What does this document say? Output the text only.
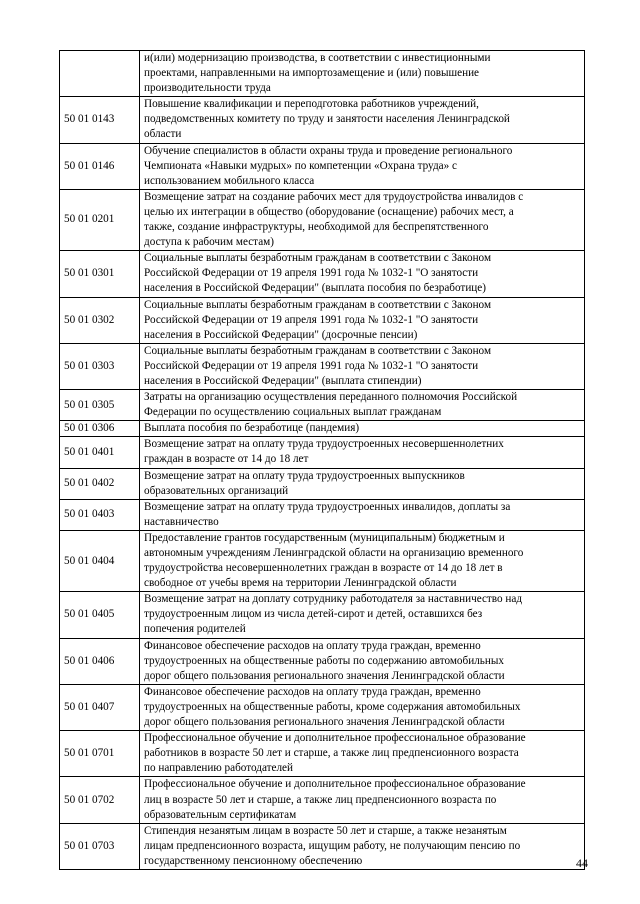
	и(или) модернизацию производства, в соответствии с инвестиционными
проектами, направленными на импортозамещение и (или) повышение
производительности труда

50 01 0143	Повышение квалификации и переподготовка работников учреждений,
подведомственных комитету по труду и занятости населения Ленинградской
области

50 01 0146	Обучение специалистов в области охраны труда и проведение регионального
Чемпионата «Навыки мудрых» по компетенции «Охрана труда» с
использованием мобильного класса

50 01 0201	Возмещение затрат на создание рабочих мест для трудоустройства инвалидов с
целью их интеграции в общество (оборудование (оснащение) рабочих мест, а
также, создание инфраструктуры, необходимой для беспрепятственного
доступа к рабочим местам)

50 01 0301	Социальные выплаты безработным гражданам в соответствии с Законом
Российской Федерации от 19 апреля 1991 года № 1032-1 "О занятости
населения в Российской Федерации" (выплата пособия по безработице)

50 01 0302	Социальные выплаты безработным гражданам в соответствии с Законом
Российской Федерации от 19 апреля 1991 года № 1032-1 "О занятости
населения в Российской Федерации" (досрочные пенсии)

50 01 0303	Социальные выплаты безработным гражданам в соответствии с Законом
Российской Федерации от 19 апреля 1991 года № 1032-1 "О занятости
населения в Российской Федерации" (выплата стипендии)

50 01 0305	Затраты на организацию осуществления переданного полномочия Российской
Федерации по осуществлению социальных выплат гражданам

50 01 0306	Выплата пособия по безработице (пандемия)

50 01 0401	Возмещение затрат на оплату труда трудоустроенных несовершеннолетних
граждан в возрасте от 14 до 18 лет

50 01 0402	Возмещение затрат на оплату труда трудоустроенных выпускников
образовательных организаций

50 01 0403	Возмещение затрат на оплату труда трудоустроенных инвалидов, доплаты за
наставничество

50 01 0404	Предоставление грантов государственным (муниципальным) бюджетным и
автономным учреждениям Ленинградской области на организацию временного
трудоустройства несовершеннолетних граждан в возрасте от 14 до 18 лет в
свободное от учебы время на территории Ленинградской области

50 01 0405	Возмещение затрат на доплату сотруднику работодателя за наставничество над
трудоустроенным лицом из числа детей-сирот и детей, оставшихся без
попечения родителей

50 01 0406	Финансовое обеспечение расходов на оплату труда граждан, временно
трудоустроенных на общественные работы по содержанию автомобильных
дорог общего пользования регионального значения Ленинградской области

50 01 0407	Финансовое обеспечение расходов на оплату труда граждан, временно
трудоустроенных на общественные работы, кроме содержания автомобильных
дорог общего пользования регионального значения Ленинградской области

50 01 0701	Профессиональное обучение и дополнительное профессиональное образование
работников в возрасте 50 лет и старше, а также лиц предпенсионного возраста
по направлению работодателей

50 01 0702	Профессиональное обучение и дополнительное профессиональное образование
лиц в возрасте 50 лет и старше, а также лиц предпенсионного возраста по
образовательным сертификатам

50 01 0703	Стипендия незанятым лицам в возрасте 50 лет и старше, а также незанятым
лицам предпенсионного возраста, ищущим работу, не получающим пенсию по
государственному пенсионному обеспечению	44
